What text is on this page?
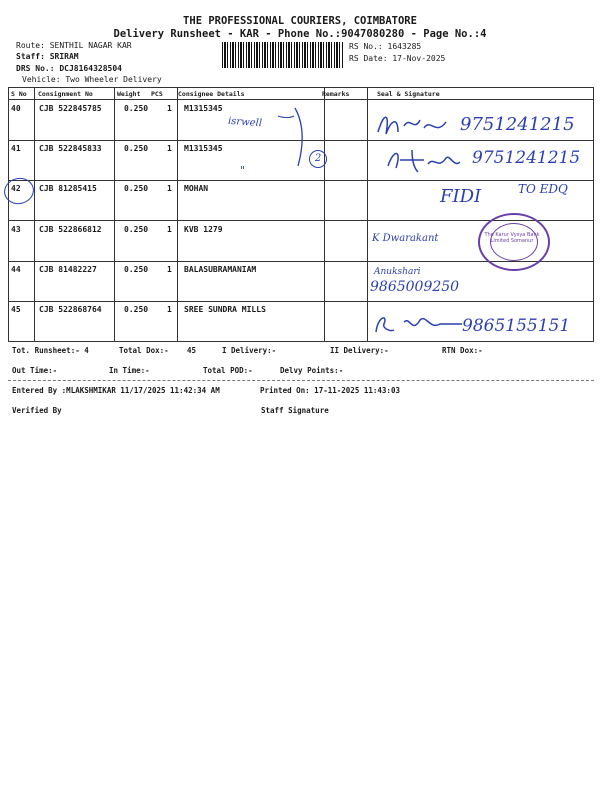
THE PROFESSIONAL COURIERS, COIMBATORE
Delivery Runsheet - KAR - Phone No.:9047080280 - Page No.:4
Route: SENTHIL NAGAR KAR
Staff: SRIRAM
DRS No.: DCJ8164328504
Vehicle: Two Wheeler Delivery
RS No.: 1643285
RS Date: 17-Nov-2025
S No Consignment No	Weight PCS Consignee Details	Remarks	Seal & Signature
40 CJB 522845785	0.250 1 M1315345
41 CJB 522845833	0.250 1 M1315345
42 CJB 81285415	0.250 1 MOHAN
43 CJB 522866812	0.250 1 KVB 1279
44 CJB 81482227	0.250 1 BALASUBRAMANIAM
45 CJB 522868764	0.250 1 SREE SUNDRA MILLS
isrwell
"
2
9751241215
9751241215
FIDI	TO EDQ
K Dwarakant	The Karur Vysya Bank Limited Somanur
Anukshari
9865009250
9865155151
Tot. Runsheet:- 4	Total Dox:- 45	I Delivery:-	II Delivery:-	RTN Dox:-
Out Time:-	In Time:-	Total POD:-	Delvy Points:-
Entered By :MLAKSHMIKAR 11/17/2025 11:42:34 AM	Printed On: 17-11-2025 11:43:03
Verified By	Staff Signature
